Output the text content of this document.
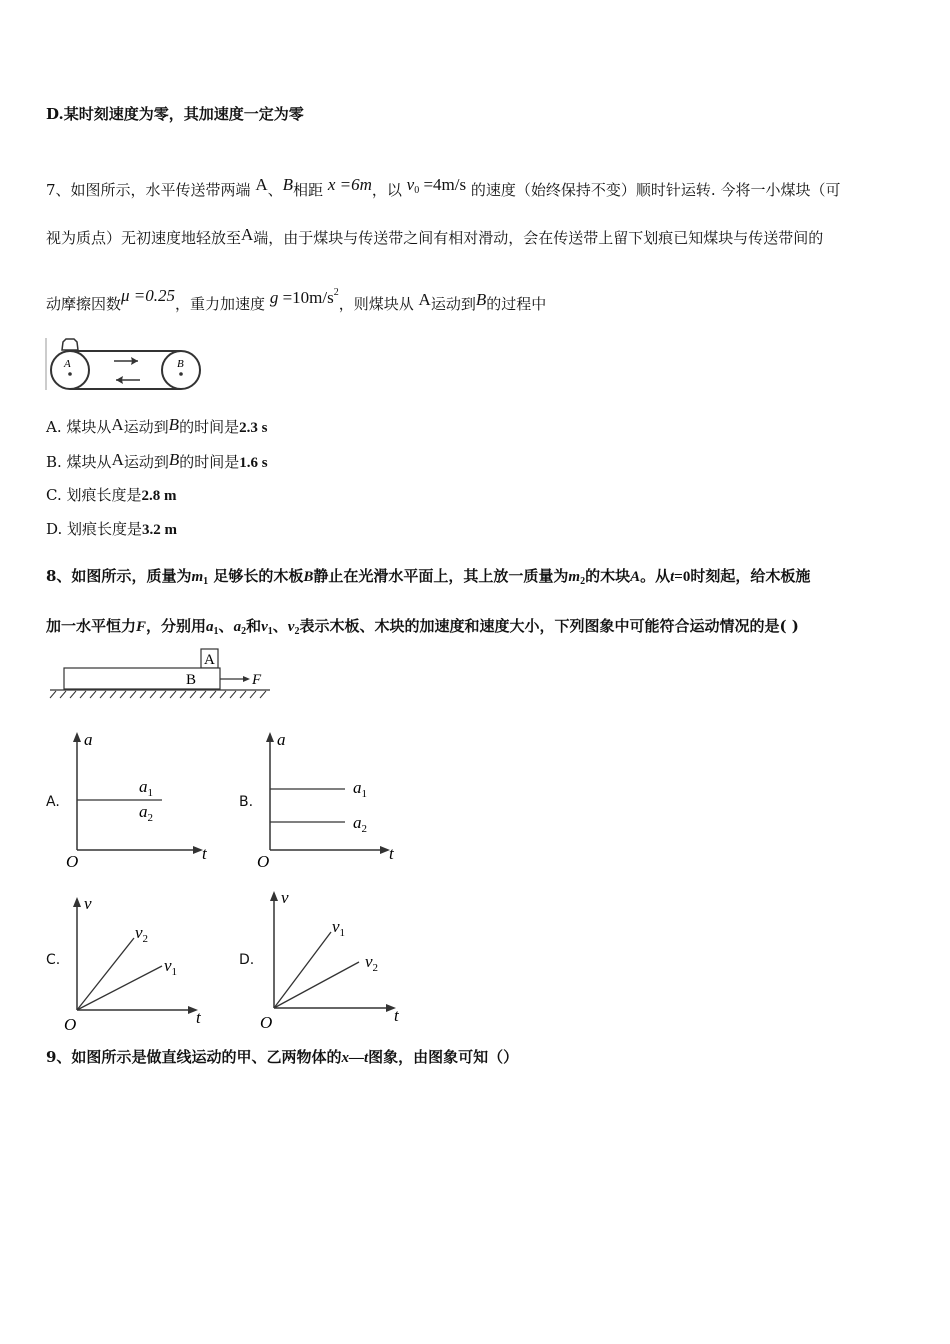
D.某时刻速度为零，其加速度一定为零
7、如图所示，水平传送带两端 A、B相距 x =6m，以 $v_0 =4m/s$ 的速度（始终保持不变）顺时针运转. 今将一小煤块（可
视为质点）无初速度地轻放至A端，由于煤块与传送带之间有相对滑动，会在传送带上留下划痕已知煤块与传送带间的
动摩擦因数μ =0.25，重力加速度 $g =10m/s^2$，则煤块从 A运动到B的过程中
A	B
A. 煤块从A运动到B的时间是2.3 s
B. 煤块从A运动到B的时间是1.6 s
C. 划痕长度是2.8 m
D. 划痕长度是3.2 m
8、如图所示，质量为$m_1$ 足够长的木板B静止在光滑水平面上，其上放一质量为$m_2$的木块A。从t=0时刻起，给木板施
加一水平恒力F，分别用$a_1$、$a_2$和$v_1$、$v_2$表示木板、木块的加速度和速度大小，下列图象中可能符合运动情况的是( )
A
B	F
A.
a
t
O
$a_1$
$a_2$
B.
a
t
O
$a_1$
$a_2$
C.
v
t
O
$v_2$
$v_1$
D.
v
t
O
$v_1$
$v_2$
9、如图所示是做直线运动的甲、乙两物体的x—t图象，由图象可知（）
